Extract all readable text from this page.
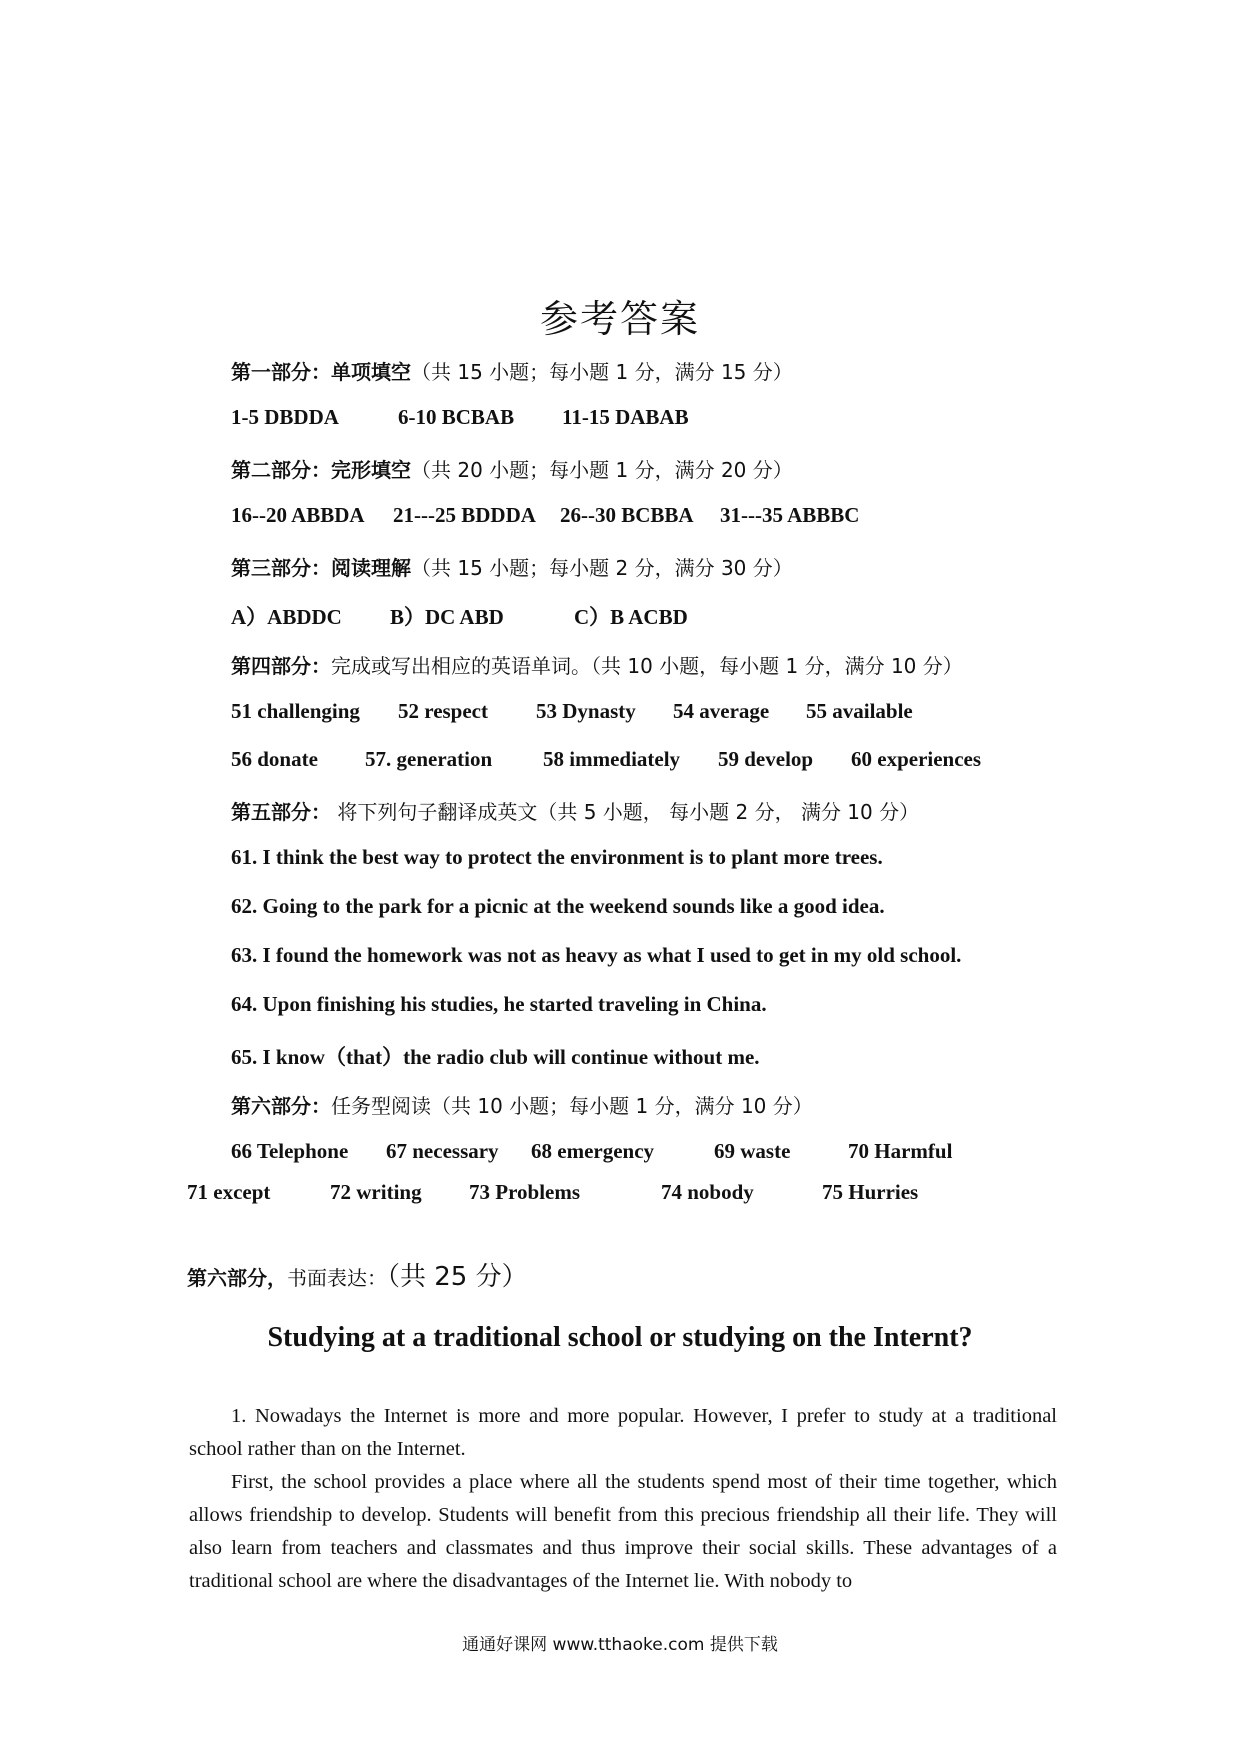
参考答案
第一部分：单项填空（共 15 小题；每小题 1 分，满分 15 分）
1-5 DBDDA	6-10 BCBAB 11-15 DABAB
第二部分：完形填空（共 20 小题；每小题 1 分，满分 20 分）
16--20 ABBDA 21---25 BDDDA 26--30 BCBBA 31---35 ABBBC
第三部分：阅读理解（共 15 小题；每小题 2 分，满分 30 分）
A）ABDDC B）DC ABD	C）B ACBD
第四部分：完成或写出相应的英语单词。（共 10 小题，每小题 1 分，满分 10 分）
51 challenging 52 respect 53 Dynasty 54 average 55 available
56 donate 57. generation 58 immediately 59 develop 60 experiences
第五部分： 将下列句子翻译成英文（共 5 小题， 每小题 2 分， 满分 10 分）
61. I think the best way to protect the environment is to plant more trees.
62. Going to the park for a picnic at the weekend sounds like a good idea.
63. I found the homework was not as heavy as what I used to get in my old school.
64. Upon finishing his studies, he started traveling in China.
65. I know（that）the radio club will continue without me.
第六部分：任务型阅读（共 10 小题；每小题 1 分，满分 10 分）
66 Telephone 67 necessary 68 emergency	69 waste	70 Harmful
71 except	72 writing 73 Problems	74 nobody	75 Hurries
第六部分，书面表达：（共 25 分）
Studying at a traditional school or studying on the Internt?
1. Nowadays the Internet is more and more popular. However, I prefer to study at a traditional school rather than on the Internet.
First, the school provides a place where all the students spend most of their time together, which allows friendship to develop. Students will benefit from this precious friendship all their life. They will also learn from teachers and classmates and thus improve their social skills. These advantages of a traditional school are where the disadvantages of the Internet lie. With nobody to
通通好课网 www.tthaoke.com 提供下载
